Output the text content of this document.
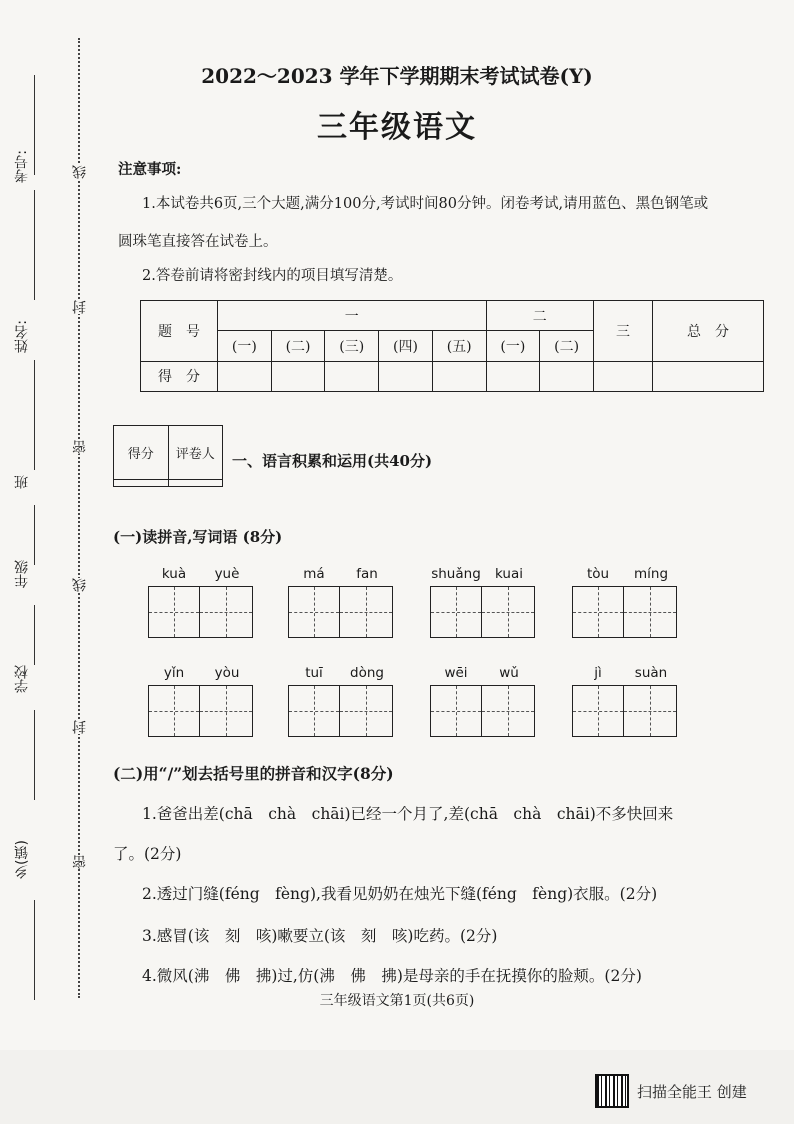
考号:
姓名:
班
年级
学校
乡(镇)
线
封
密
线
封
密
2022～2023 学年下学期期末考试试卷(Y)
三年级语文
注意事项:
1.本试卷共6页,三个大题,满分100分,考试时间80分钟。闭卷考试,请用蓝色、黑色钢笔或
圆珠笔直接答在试卷上。
2.答卷前请将密封线内的项目填写清楚。
题　号	一					二		三	总　分
	(一)	(二)	(三)	(四)	(五)	(一)	(二)		
得　分									
得分	评卷人
	一、语言积累和运用(共40分)
(一)读拼音,写词语 (8分)
kuà	yuè	má	fan	shuǎng	kuai	tòu	míng
yǐn	yòu	tuī	dòng	wēi	wǔ	jì	suàn
(二)用“/”划去括号里的拼音和汉字(8分)
1.爸爸出差(chā　chà　chāi)已经一个月了,差(chā　chà　chāi)不多快回来
了。(2分)
2.透过门缝(féng　fèng),我看见奶奶在烛光下缝(féng　fèng)衣服。(2分)
3.感冒(该　刻　咳)嗽要立(该　刻　咳)吃药。(2分)
4.微风(沸　佛　拂)过,仿(沸　佛　拂)是母亲的手在抚摸你的脸颊。(2分)
三年级语文第1页(共6页)
扫描全能王 创建
